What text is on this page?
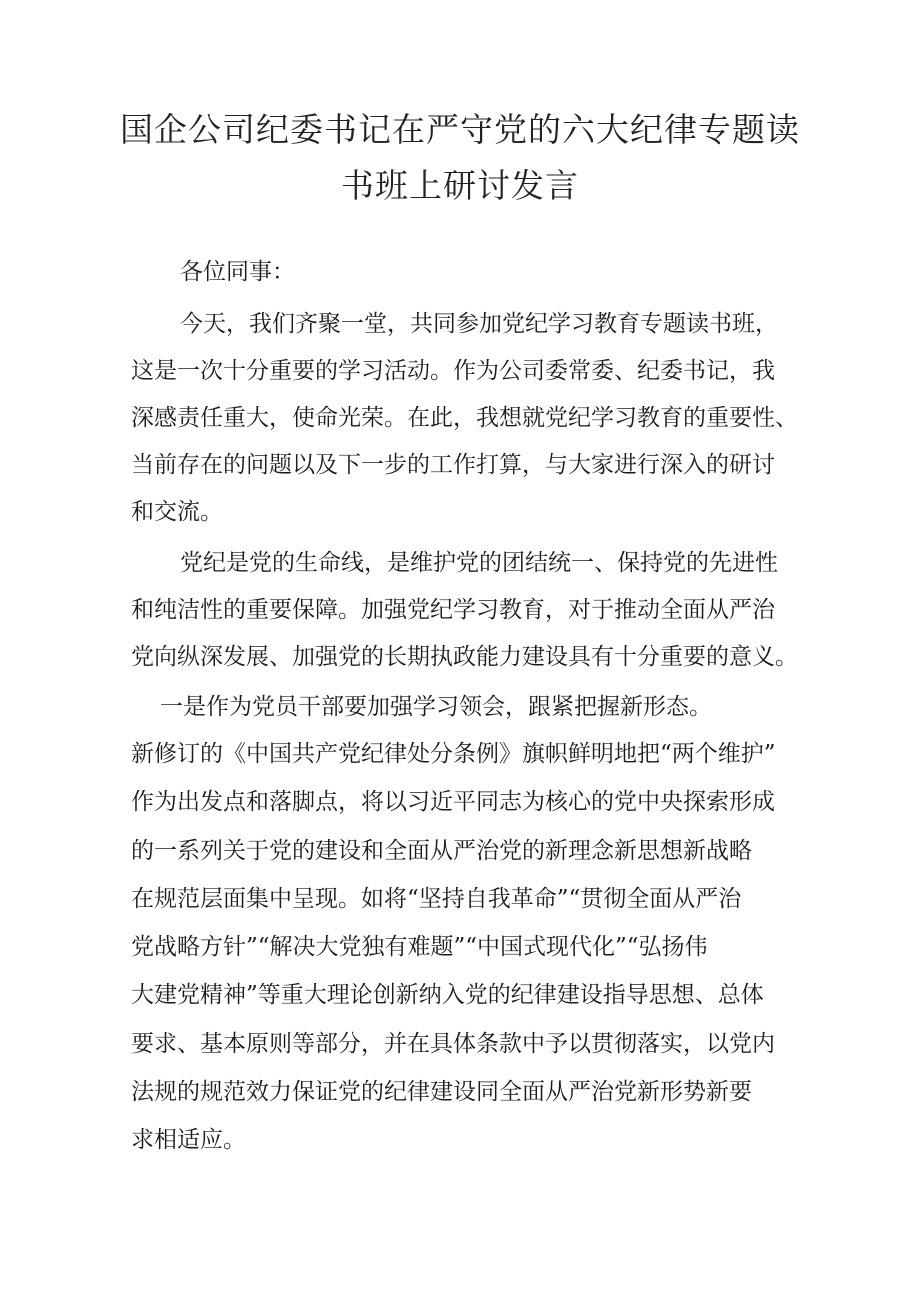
国企公司纪委书记在严守党的六大纪律专题读
书班上研讨发言
各位同事：
今天，我们齐聚一堂，共同参加党纪学习教育专题读书班，
这是一次十分重要的学习活动。作为公司委常委、纪委书记，我
深感责任重大，使命光荣。在此，我想就党纪学习教育的重要性、
当前存在的问题以及下一步的工作打算，与大家进行深入的研讨
和交流。
党纪是党的生命线，是维护党的团结统一、保持党的先进性
和纯洁性的重要保障。加强党纪学习教育，对于推动全面从严治
党向纵深发展、加强党的长期执政能力建设具有十分重要的意义。
一是作为党员干部要加强学习领会，跟紧把握新形态。
新修订的《中国共产党纪律处分条例》旗帜鲜明地把“两个维护”
作为出发点和落脚点，将以习近平同志为核心的党中央探索形成
的一系列关于党的建设和全面从严治党的新理念新思想新战略
在规范层面集中呈现。如将“坚持自我革命”“贯彻全面从严治
党战略方针”“解决大党独有难题”“中国式现代化”“弘扬伟
大建党精神”等重大理论创新纳入党的纪律建设指导思想、总体
要求、基本原则等部分，并在具体条款中予以贯彻落实，以党内
法规的规范效力保证党的纪律建设同全面从严治党新形势新要
求相适应。
